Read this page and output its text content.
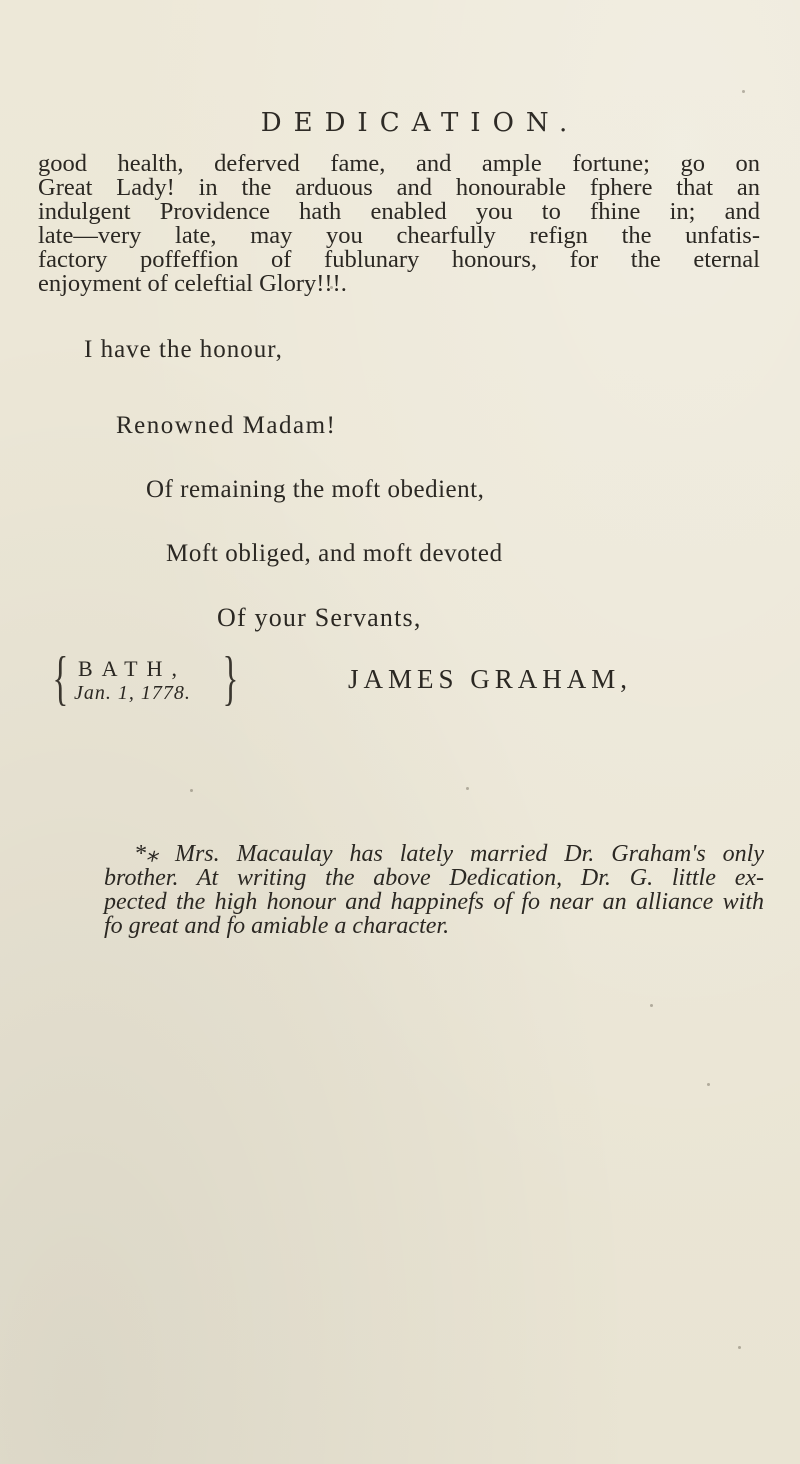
DEDICATION.
good health, deferved fame, and ample fortune; go on
Great Lady! in the arduous and honourable fphere that an
indulgent Providence hath enabled you to fhine in; and
late—very late, may you chearfully refign the unfatis-
factory poffeffion of fublunary honours, for the eternal
enjoyment of celeftial Glory!!!.
I have the honour,
Renowned Madam!
Of remaining the moft obedient,
Moft obliged, and moft devoted
Of your Servants,
{ BATH,
Jan. 1, 1778. }	JAMES GRAHAM,
*⁎ Mrs. Macaulay has lately married Dr. Graham's only
brother. At writing the above Dedication, Dr. G. little ex-
pected the high honour and happinefs of fo near an alliance with
fo great and fo amiable a character.
